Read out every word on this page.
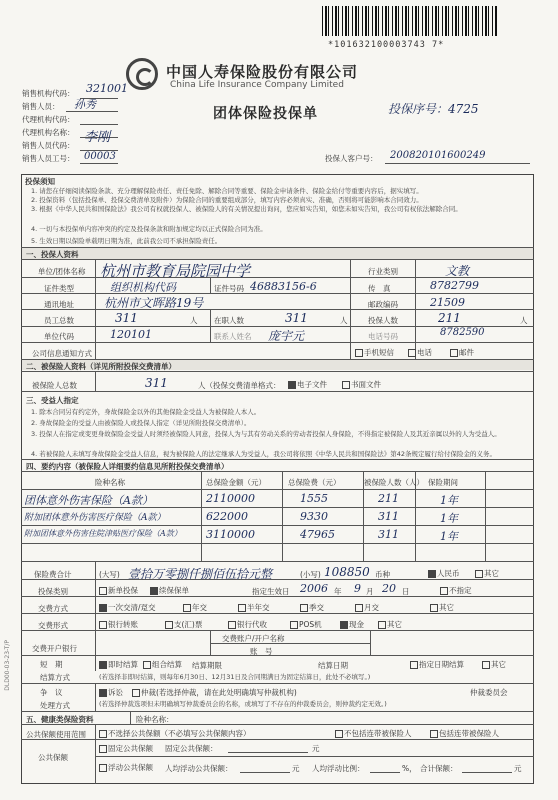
*101632100003743 7*
中国人寿保险股份有限公司
China Life Insurance Company Limited
团体保险投保单	投保序号：4725
销售机构代码： 321001
销售人员： 孙秀
代理机构代码：
代理机构名称： 李刚
销售人员代码：
销售人员工号： 00003	投保人客户号： 200820101600249
投保须知
1. 请您在仔细阅读保险条款、充分理解保险责任、责任免除、解除合同等重要、保险金申请条件、保险金给付等重要内容后，据实填写。
2. 投保资料（包括投保单、投保交费清单及附件）为保险合同的重要组成部分，填写内容必须真实、准确，否则将可能影响本合同效力。
3. 根据《中华人民共和国保险法》我公司有权就投保人、被保险人的有关情况提出询问，您应如实告知，如您未如实告知，我公司有权依法解除合同。
4. 一切与本投保单内容冲突的约定及投保条款和附加规定均以正式保险合同为准。
5. 生效日期以保险单载明日期为准，此前我公司不承担保险责任。
一、投保人资料
单位/团体名称 杭州市教育局院园中学	行业类别	文教
证件类型	组织机构代码	证件号码 46883156-6	传　真	8782799
通讯地址	杭州市文晖路19号	邮政编码	21509
员工总数	311	人 在职人数	311	人	投保人数	211	人
单位代码	120101	联系人姓名 庞宇元	电话号码	8782590
公司信息通知方式	手机短信	电话	邮件
二、被保险人资料（详见所附投保交费清单）
被保险人总数	311	人（投保交费清单格式：	电子文件	书面文件
三、受益人指定
1. 除本合同另有约定外，身故保险金以外的其他保险金受益人为被保险人本人。
2. 身故保险金的受益人由被保险人或投保人指定（详见所附投保交费清单）。
3. 投保人在指定或变更身故保险金受益人时须经被保险人同意，投保人为与其有劳动关系的劳动者投保人身保险，不得指定被保险人及其近亲属以外的人为受益人。
4. 若被保险人未填写身故保险金受益人信息，视为被保险人的法定继承人为受益人，我公司将依照《中华人民共和国保险法》第42条规定履行给付保险金的义务。
四、要约内容（被保险人详细要约信息见所附投保交费清单）
险种名称	总保险金额（元）	总保险费（元）	被保险人数（人） 保险期间
团体意外伤害保险（A款）	2110000	1555	211	1年
附加团体意外伤害医疗保险（A款）	622000	9330	311	1年
附加团体意外伤害住院津贴医疗保险（A款） 3110000	47965	311	1年
保险费合计	(大写) 壹拾万零捌仟捌佰伍拾元整	(小写) 108850 币种	人民币	其它
投保类别	新单投保	续保保单	指定生效日 2006 年 9 月 20 日	不指定
交费方式	一次交清/趸交	年交	半年交	季交	月交	其它
交费形式	银行转账	支(汇)票	银行代收	POS机	现金	其它
交费开户银行
交费账户/开户名称
账　号
短　期
结算方式
即时结算	组合结算 结算期限	结算日期	指定日期结算	其它
(若选择非即时结算，则每年6月30日、12月31日及合同期满日为固定结算日，此处不必填写。)
争　议
处理方式
诉讼	仲裁(若选择仲裁，请在此处明确填写仲裁机构)	仲裁委员会
(若选择仲裁选项但未明确填写仲裁委员会的名称，或填写了不存在的仲裁委员会，则仲裁约定无效。)
五、健康类保险资料	险种名称：
公共保额使用范围	不选择公共保额（不必填写公共保额内容）	不包括连带被保险人	包括连带被保险人
公共保额
固定公共保额 固定公共保额：	元
浮动公共保额 人均浮动公共保额：	元 人均浮动比例：	%， 合计保额：	元
DLD00-03-23-T/P
